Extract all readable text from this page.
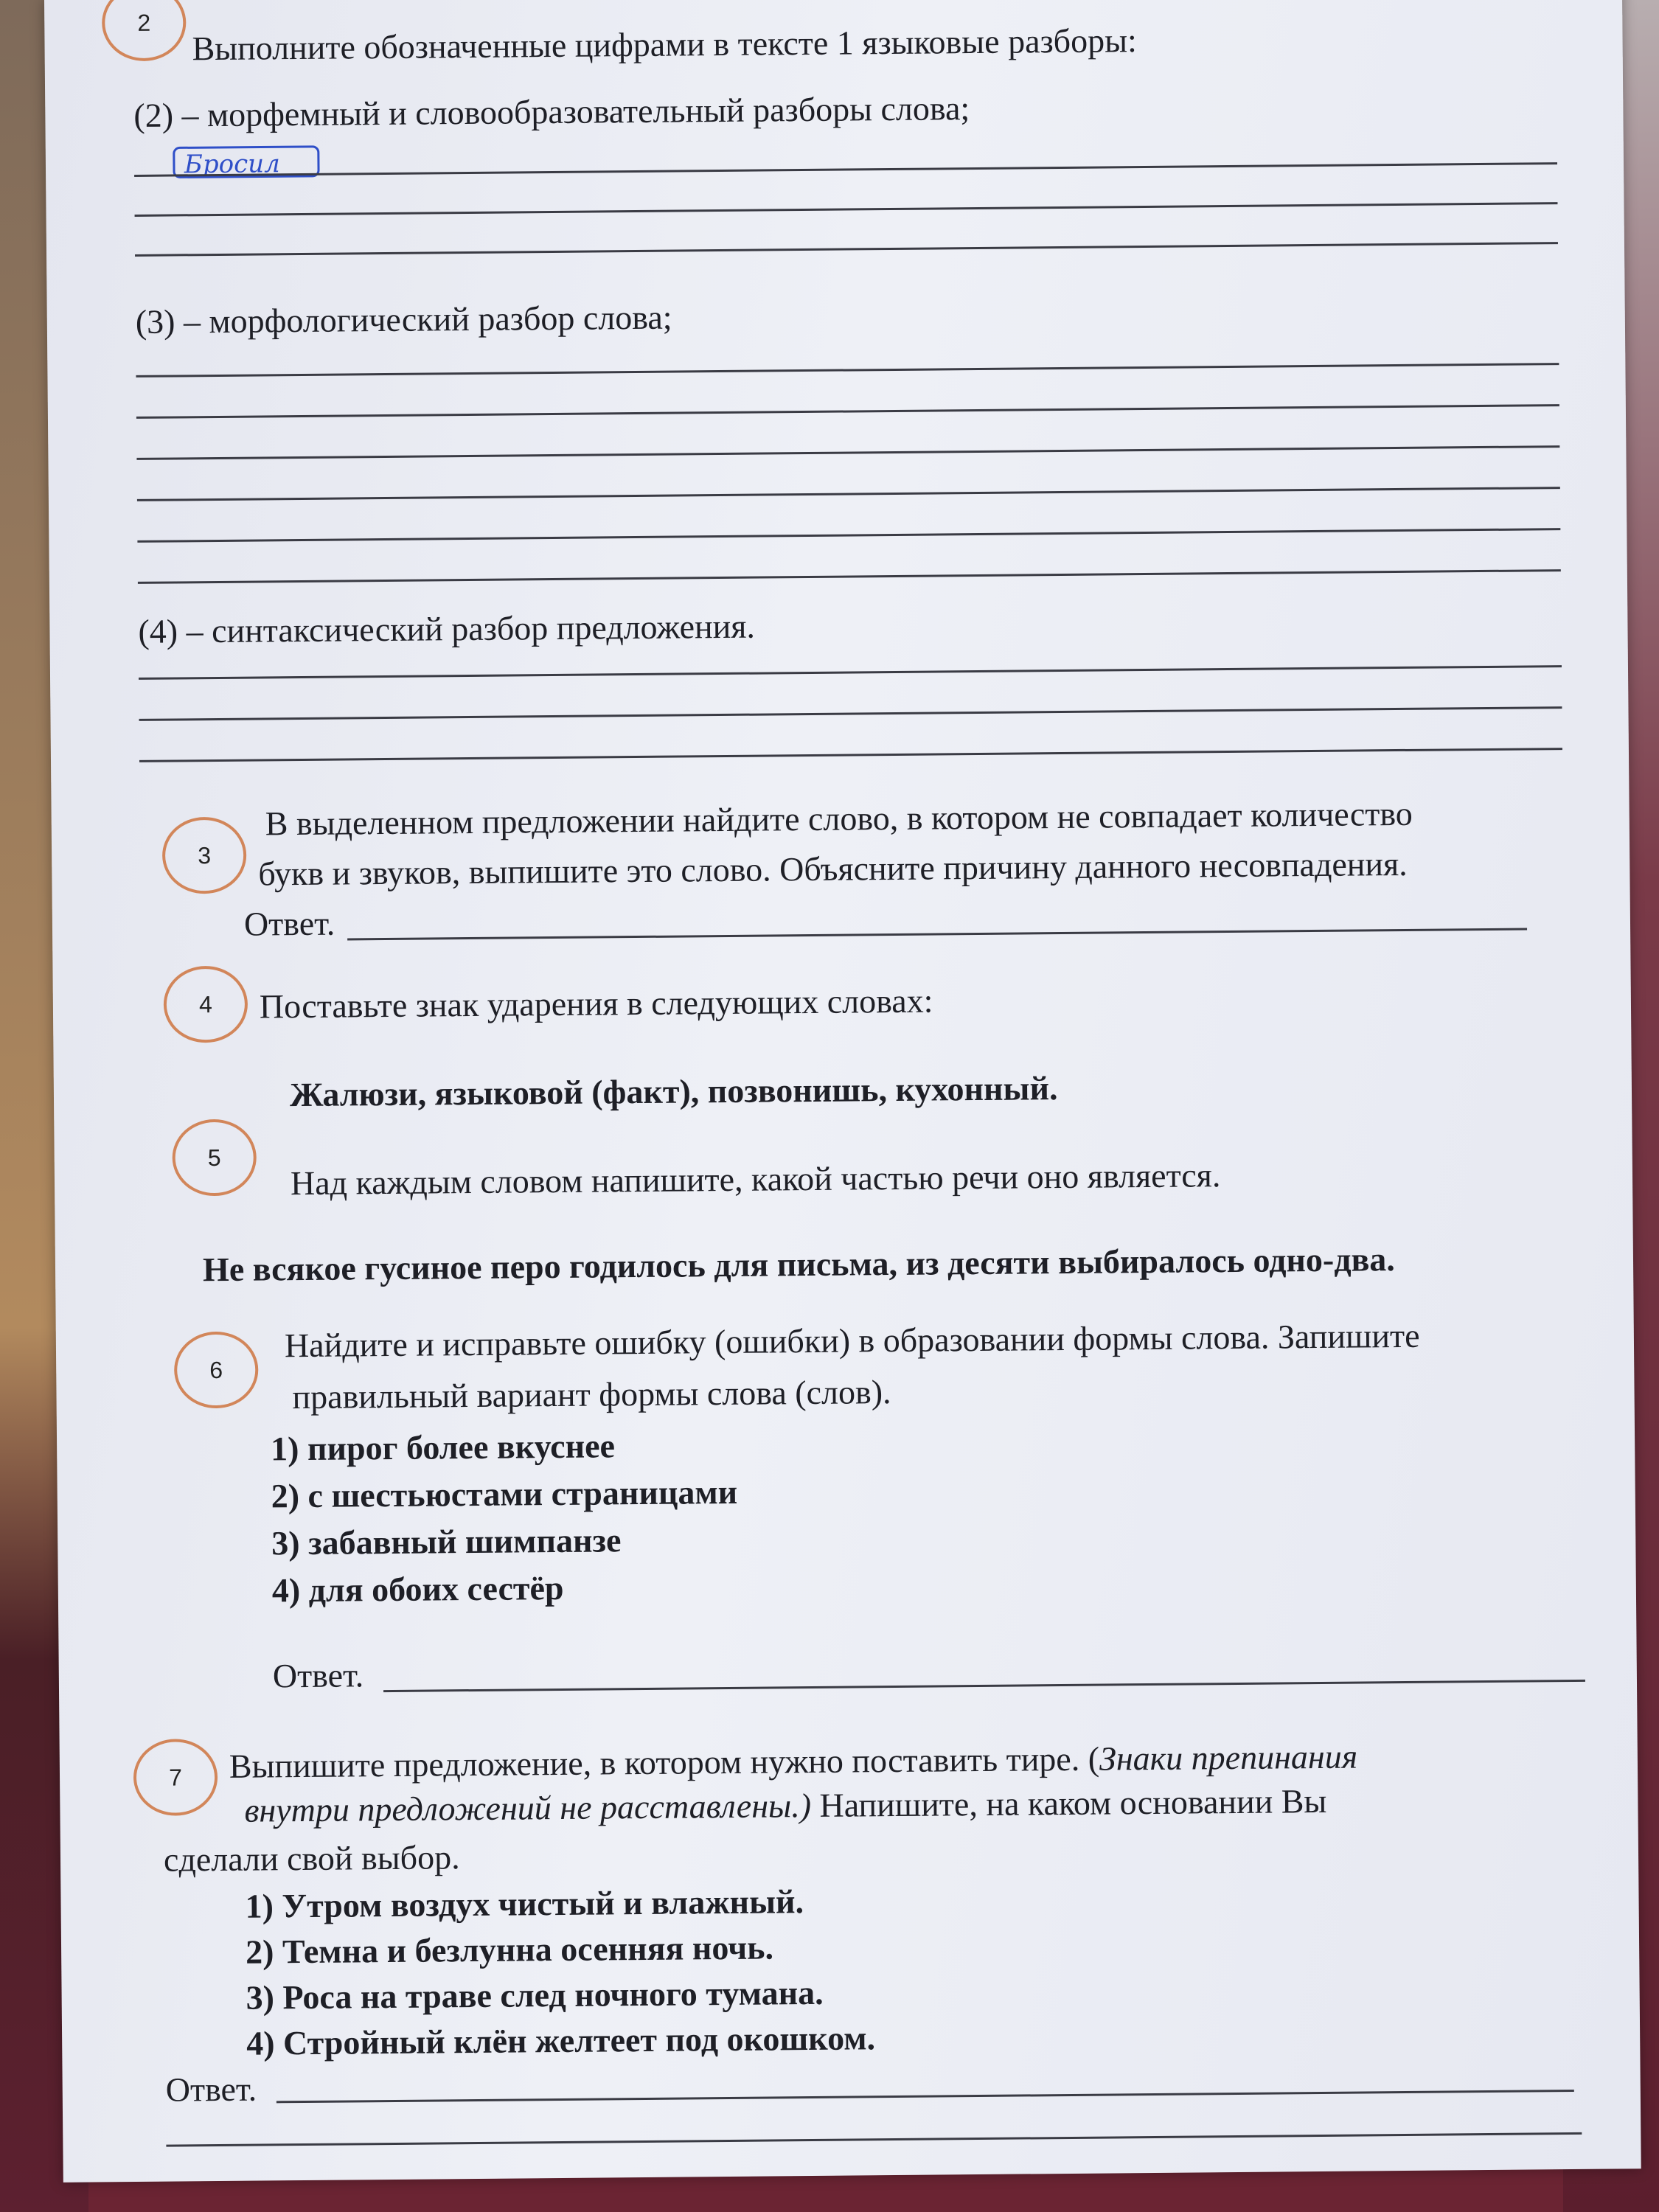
2 Выполните обозначенные цифрами в тексте 1 языковые разборы:
(2) – морфемный и словообразовательный разборы слова;
Бросил
(3) – морфологический разбор слова;
(4) – синтаксический разбор предложения.
3
В выделенном предложении найдите слово, в котором не совпадает количество
букв и звуков, выпишите это слово. Объясните причину данного несовпадения.
Ответ.
4 Поставьте знак ударения в следующих словах:
Жалюзи, языковой (факт), позвонишь, кухонный.
5 Над каждым словом напишите, какой частью речи оно является.
Не всякое гусиное перо годилось для письма, из десяти выбиралось одно-два.
6
Найдите и исправьте ошибку (ошибки) в образовании формы слова. Запишите
правильный вариант формы слова (слов).
1) пирог более вкуснее
2) с шестьюстами страницами
3) забавный шимпанзе
4) для обоих сестёр
Ответ.
7 Выпишите предложение, в котором нужно поставить тире. (Знаки препинания
внутри предложений не расставлены.) Напишите, на каком основании Вы
сделали свой выбор.
1) Утром воздух чистый и влажный.
2) Темна и безлунна осенняя ночь.
3) Роса на траве след ночного тумана.
4) Стройный клён желтеет под окошком.
Ответ.
